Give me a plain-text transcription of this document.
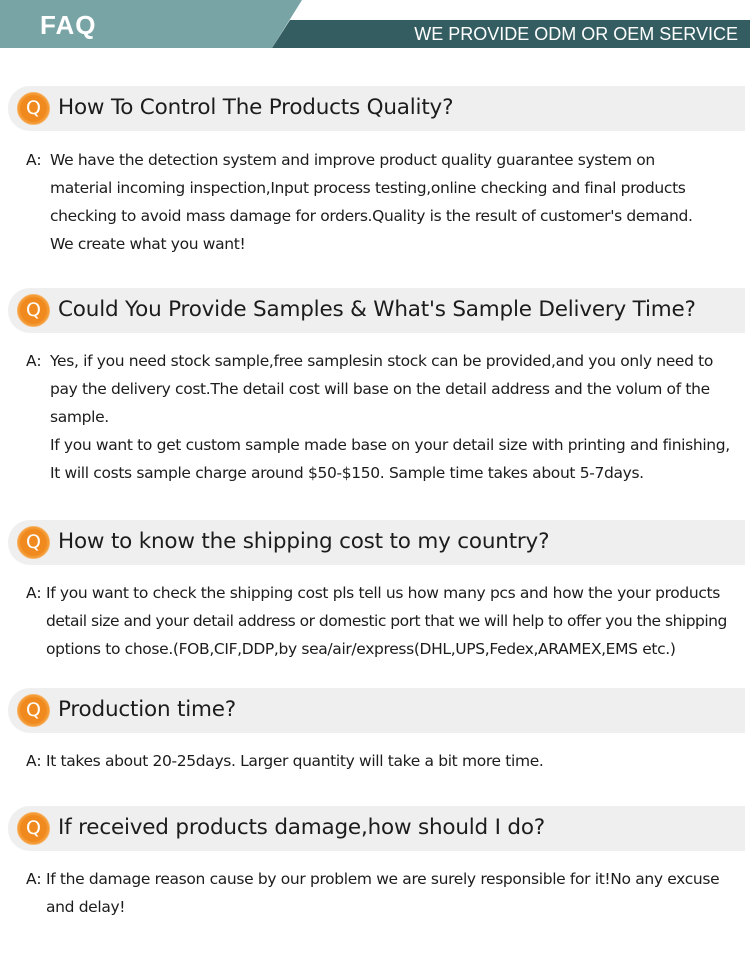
FAQ	WE PROVIDE ODM OR OEM SERVICE
Q How To Control The Products Quality?
A: We have the detection system and improve product quality guarantee system on
material incoming inspection,Input process testing,online checking and final products
checking to avoid mass damage for orders.Quality is the result of customer's demand.
We create what you want!
Q Could You Provide Samples & What's Sample Delivery Time?
A: Yes, if you need stock sample,free samplesin stock can be provided,and you only need to
pay the delivery cost.The detail cost will base on the detail address and the volum of the
sample.
If you want to get custom sample made base on your detail size with printing and finishing,
It will costs sample charge around $50-$150. Sample time takes about 5-7days.
Q How to know the shipping cost to my country?
A: If you want to check the shipping cost pls tell us how many pcs and how the your products
detail size and your detail address or domestic port that we will help to offer you the shipping
options to chose.(FOB,CIF,DDP,by sea/air/express(DHL,UPS,Fedex,ARAMEX,EMS etc.)
Q Production time?
A: It takes about 20-25days. Larger quantity will take a bit more time.
Q If received products damage,how should I do?
A: If the damage reason cause by our problem we are surely responsible for it!No any excuse
and delay!
